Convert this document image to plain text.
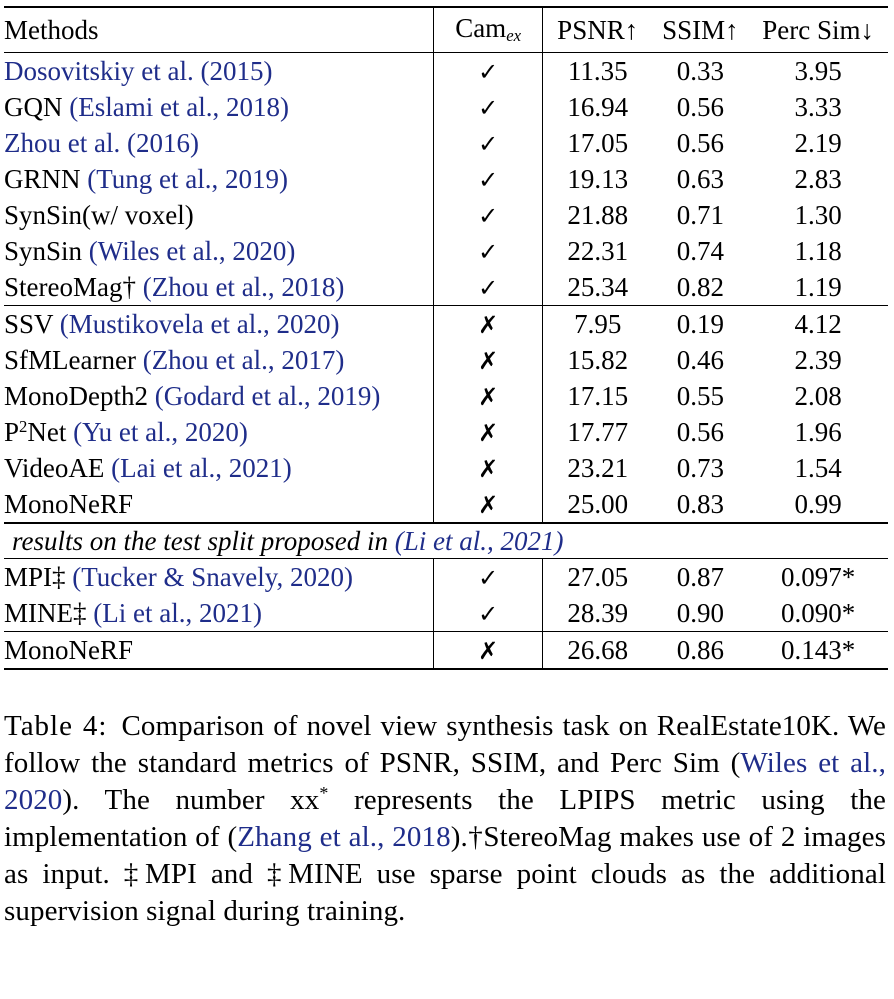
Methods	Cam$_{ex}$	PSNR↑	SSIM↑	Perc Sim↓
Dosovitskiy et al. (2015)	✓	11.35	0.33	3.95
GQN (Eslami et al., 2018)	✓	16.94	0.56	3.33
Zhou et al. (2016)	✓	17.05	0.56	2.19
GRNN (Tung et al., 2019)	✓	19.13	0.63	2.83
SynSin(w/ voxel)	✓	21.88	0.71	1.30
SynSin (Wiles et al., 2020)	✓	22.31	0.74	1.18
StereoMag† (Zhou et al., 2018)	✓	25.34	0.82	1.19
SSV (Mustikovela et al., 2020)	✗	7.95	0.19	4.12
SfMLearner (Zhou et al., 2017)	✗	15.82	0.46	2.39
MonoDepth2 (Godard et al., 2019)	✗	17.15	0.55	2.08
$P^2Net$ (Yu et al., 2020)	✗	17.77	0.56	1.96
VideoAE (Lai et al., 2021)	✗	23.21	0.73	1.54
MonoNeRF	✗	25.00	0.83	0.99
results on the test split proposed in (Li et al., 2021)				
MPI‡ (Tucker & Snavely, 2020)	✓	27.05	0.87	0.097*
MINE‡ (Li et al., 2021)	✓	28.39	0.90	0.090*
MonoNeRF	✗	26.68	0.86	0.143*

Table 4: Comparison of novel view synthesis task on RealEstate10K. We follow the standard metrics of PSNR, SSIM, and Perc Sim (Wiles et al., 2020). The number xx* represents the LPIPS metric using the implementation of (Zhang et al., 2018).†StereoMag makes use of 2 images as input. ‡MPI and ‡MINE use sparse point clouds as the additional supervision signal during training.
